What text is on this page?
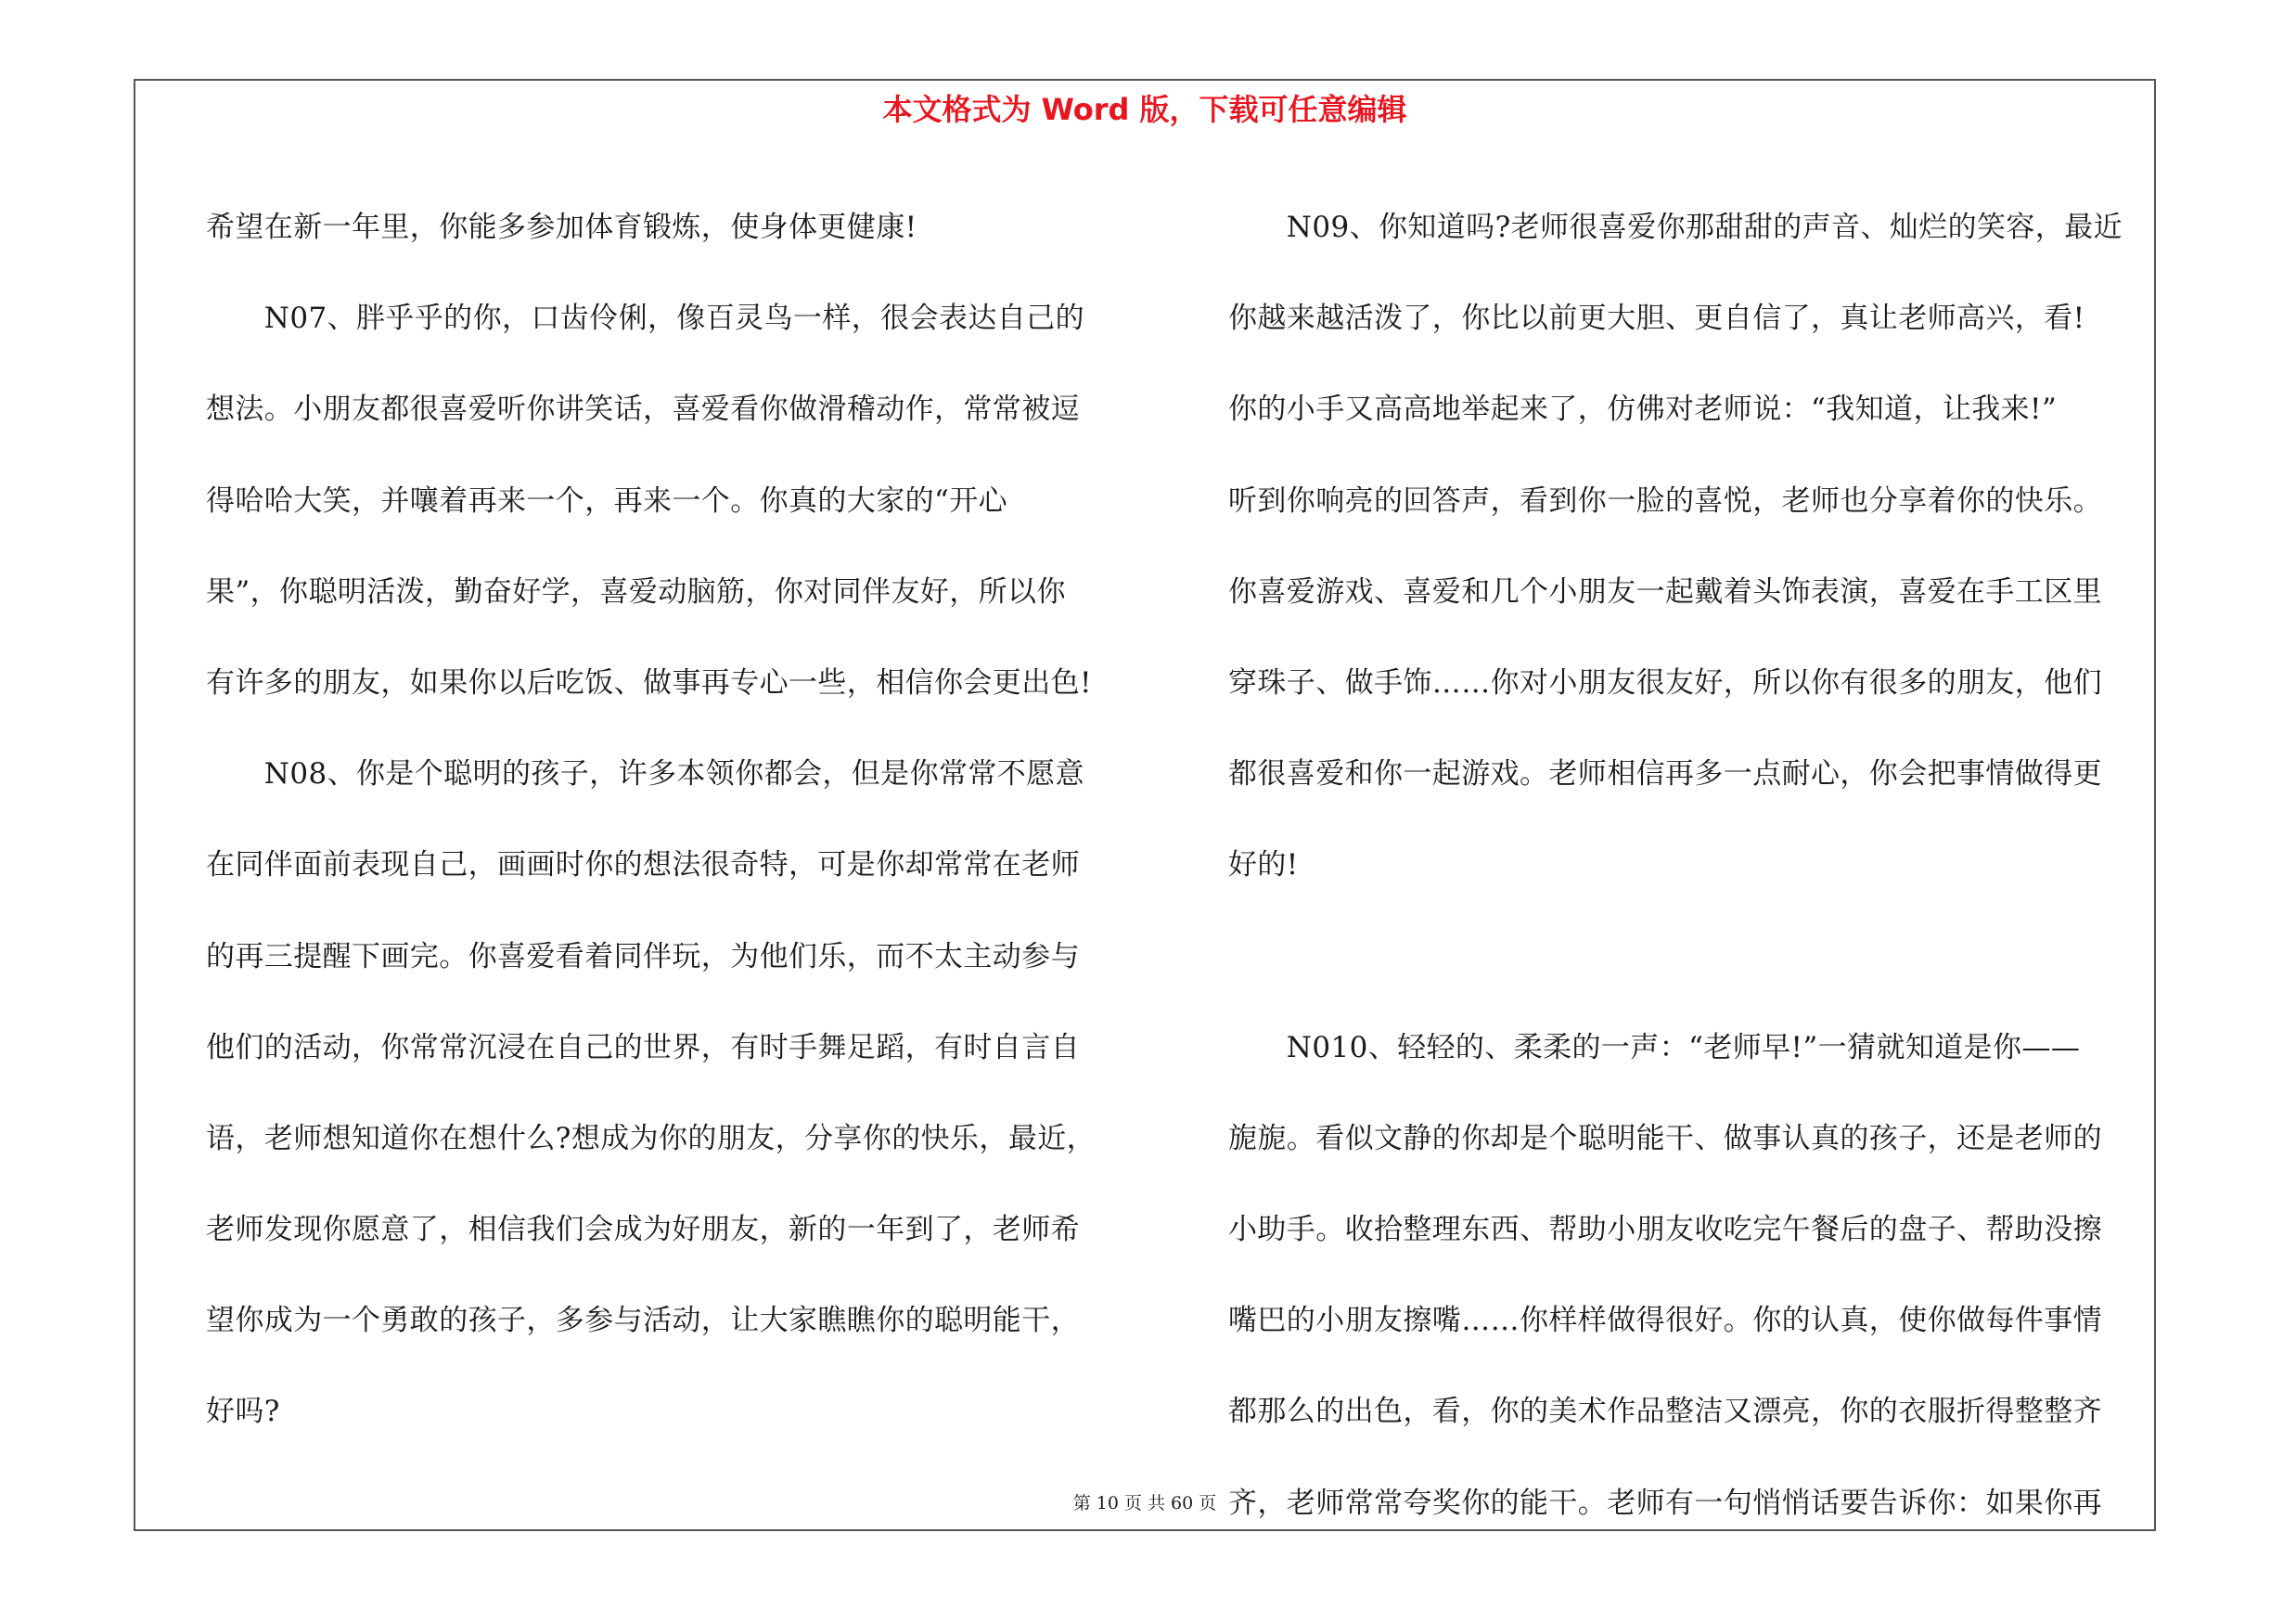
本文格式为 Word 版，下载可任意编辑
希望在新一年里，你能多参加体育锻炼，使身体更健康!
　　N07、胖乎乎的你，口齿伶俐，像百灵鸟一样，很会表达自己的
想法。小朋友都很喜爱听你讲笑话，喜爱看你做滑稽动作，常常被逗
得哈哈大笑，并嚷着再来一个，再来一个。你真的大家的“开心
果”，你聪明活泼，勤奋好学，喜爱动脑筋，你对同伴友好，所以你
有许多的朋友，如果你以后吃饭、做事再专心一些，相信你会更出色!
　　N08、你是个聪明的孩子，许多本领你都会，但是你常常不愿意
在同伴面前表现自己，画画时你的想法很奇特，可是你却常常在老师
的再三提醒下画完。你喜爱看着同伴玩，为他们乐，而不太主动参与
他们的活动，你常常沉浸在自己的世界，有时手舞足蹈，有时自言自
语，老师想知道你在想什么?想成为你的朋友，分享你的快乐，最近，
老师发现你愿意了，相信我们会成为好朋友，新的一年到了，老师希
望你成为一个勇敢的孩子，多参与活动，让大家瞧瞧你的聪明能干，
好吗?
　　N09、你知道吗?老师很喜爱你那甜甜的声音、灿烂的笑容，最近
你越来越活泼了，你比以前更大胆、更自信了，真让老师高兴，看!
你的小手又高高地举起来了，仿佛对老师说：“我知道，让我来!”
听到你响亮的回答声，看到你一脸的喜悦，老师也分享着你的快乐。
你喜爱游戏、喜爱和几个小朋友一起戴着头饰表演，喜爱在手工区里
穿珠子、做手饰……你对小朋友很友好，所以你有很多的朋友，他们
都很喜爱和你一起游戏。老师相信再多一点耐心，你会把事情做得更
好的!
　　N010、轻轻的、柔柔的一声：“老师早!”一猜就知道是你——
旎旎。看似文静的你却是个聪明能干、做事认真的孩子，还是老师的
小助手。收拾整理东西、帮助小朋友收吃完午餐后的盘子、帮助没擦
嘴巴的小朋友擦嘴……你样样做得很好。你的认真，使你做每件事情
都那么的出色，看，你的美术作品整洁又漂亮，你的衣服折得整整齐
齐，老师常常夸奖你的能干。老师有一句悄悄话要告诉你：如果你再
第 10 页 共 60 页
